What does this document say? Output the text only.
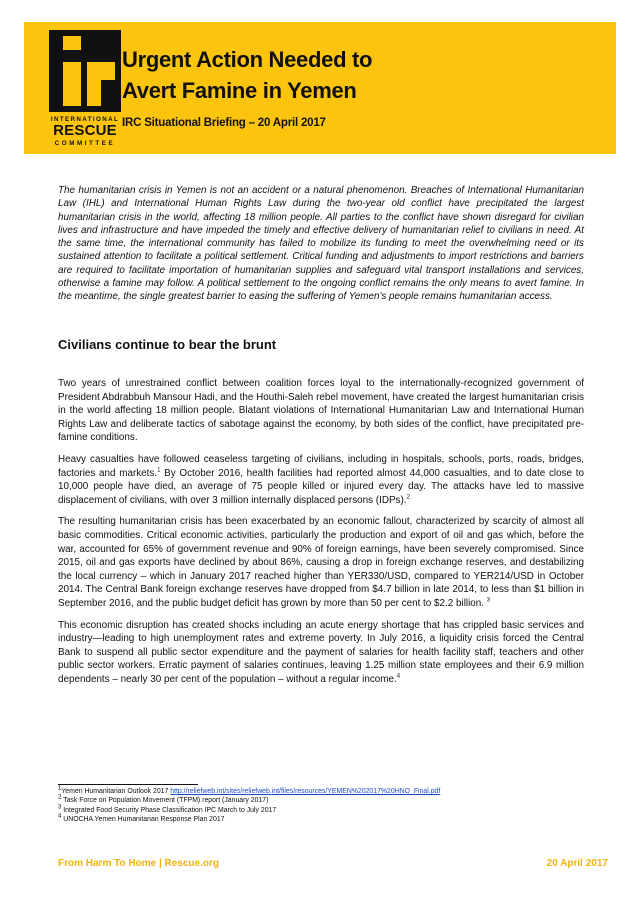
INTERNATIONAL
RESCUE
COMMITTEE
Urgent Action Needed to
Avert Famine in Yemen
IRC Situational Briefing – 20 April 2017

The humanitarian crisis in Yemen is not an accident or a natural phenomenon. Breaches of International Humanitarian Law (IHL) and International Human Rights Law during the two-year old conflict have precipitated the largest humanitarian crisis in the world, affecting 18 million people. All parties to the conflict have shown disregard for civilian lives and infrastructure and have impeded the timely and effective delivery of humanitarian relief to civilians in need. At the same time, the international community has failed to mobilize its funding to meet the overwhelming need or its sustained attention to facilitate a political settlement. Critical funding and adjustments to import restrictions and barriers are required to facilitate importation of humanitarian supplies and safeguard vital transport installations and services, otherwise a famine may follow. A political settlement to the ongoing conflict remains the only means to avert famine. In the meantime, the single greatest barrier to easing the suffering of Yemen's people remains humanitarian access.

Civilians continue to bear the brunt

Two years of unrestrained conflict between coalition forces loyal to the internationally-recognized government of President Abdrabbuh Mansour Hadi, and the Houthi-Saleh rebel movement, have created the largest humanitarian crisis in the world affecting 18 million people. Blatant violations of International Humanitarian Law and International Human Rights Law and deliberate tactics of sabotage against the economy, by both sides of the conflict, have precipitated pre-famine conditions.

Heavy casualties have followed ceaseless targeting of civilians, including in hospitals, schools, ports, roads, bridges, factories and markets.$^1$ By October 2016, health facilities had reported almost 44,000 casualties, and to date close to 10,000 people have died, an average of 75 people killed or injured every day. The attacks have led to massive displacement of civilians, with over 3 million internally displaced persons (IDPs).$^2$

The resulting humanitarian crisis has been exacerbated by an economic fallout, characterized by scarcity of almost all basic commodities. Critical economic activities, particularly the production and export of oil and gas which, before the war, accounted for 65% of government revenue and 90% of foreign earnings, have been severely compromised. Since 2015, oil and gas exports have declined by about 86%, causing a drop in foreign exchange reserves, and destabilizing the local currency – which in January 2017 reached higher than YER330/USD, compared to YER214/USD in October 2014. The Central Bank foreign exchange reserves have dropped from $4.7 billion in late 2014, to less than $1 billion in September 2016, and the public budget deficit has grown by more than 50 per cent to $2.2 billion. $^3$

This economic disruption has created shocks including an acute energy shortage that has crippled basic services and industry—leading to high unemployment rates and extreme poverty. In July 2016, a liquidity crisis forced the Central Bank to suspend all public sector expenditure and the payment of salaries for health facility staff, teachers and other public sector workers. Erratic payment of salaries continues, leaving 1.25 million state employees and their 6.9 million dependents – nearly 30 per cent of the population – without a regular income.$^4$

$^1$Yemen Humanitarian Outlook 2017 http://reliefweb.int/sites/reliefweb.int/files/resources/YEMEN%202017%20HNO_Final.pdf
$^2$ Task Force on Population Movement (TFPM) report (January 2017)
$^3$ Integrated Food Security Phase Classification IPC March to July 2017
$^4$ UNOCHA Yemen Humanitarian Response Plan 2017
From Harm To Home | Rescue.org	20 April 2017
